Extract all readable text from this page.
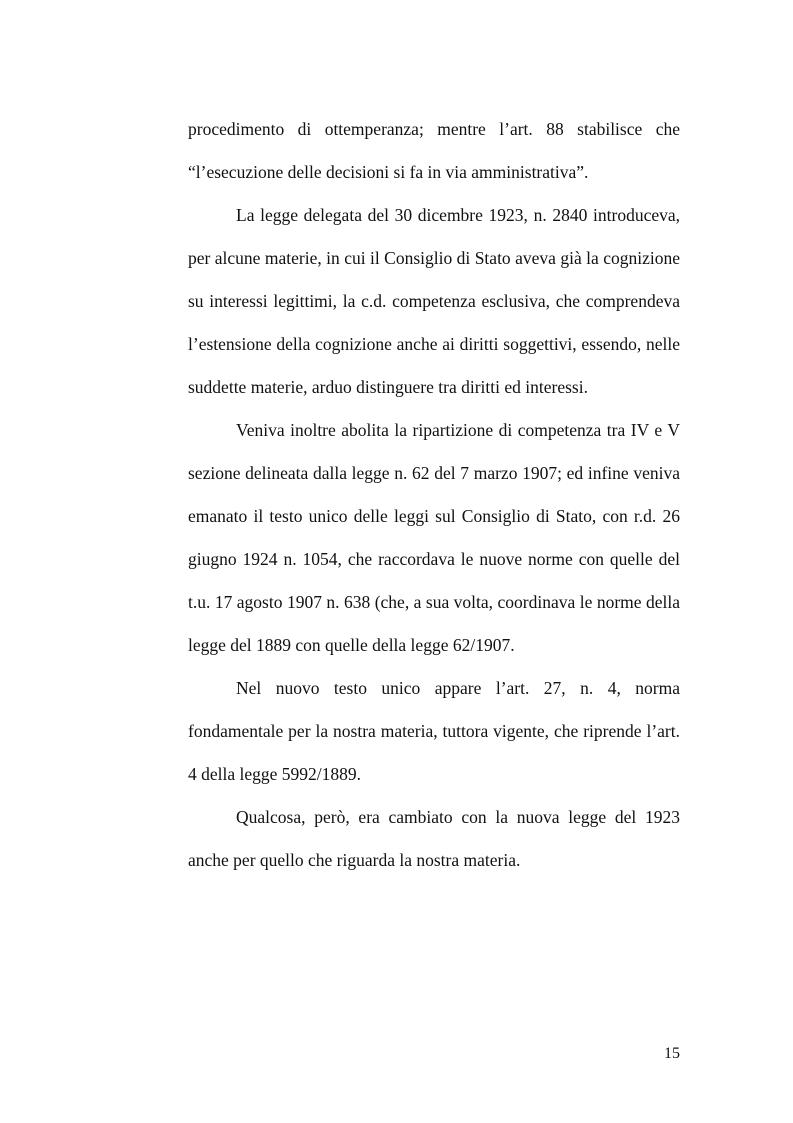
procedimento di ottemperanza; mentre l’art. 88 stabilisce che “l’esecuzione delle decisioni si fa in via amministrativa”.

La legge delegata del 30 dicembre 1923, n. 2840 introduceva, per alcune materie, in cui il Consiglio di Stato aveva già la cognizione su interessi legittimi, la c.d. competenza esclusiva, che comprendeva l’estensione della cognizione anche ai diritti soggettivi, essendo, nelle suddette materie, arduo distinguere tra diritti ed interessi.

Veniva inoltre abolita la ripartizione di competenza tra IV e V sezione delineata dalla legge n. 62 del 7 marzo 1907; ed infine veniva emanato il testo unico delle leggi sul Consiglio di Stato, con r.d. 26 giugno 1924 n. 1054, che raccordava le nuove norme con quelle del t.u. 17 agosto 1907 n. 638 (che, a sua volta, coordinava le norme della legge del 1889 con quelle della legge 62/1907.

Nel nuovo testo unico appare l’art. 27, n. 4, norma fondamentale per la nostra materia, tuttora vigente, che riprende l’art. 4 della legge 5992/1889.

Qualcosa, però, era cambiato con la nuova legge del 1923 anche per quello che riguarda la nostra materia.

15
